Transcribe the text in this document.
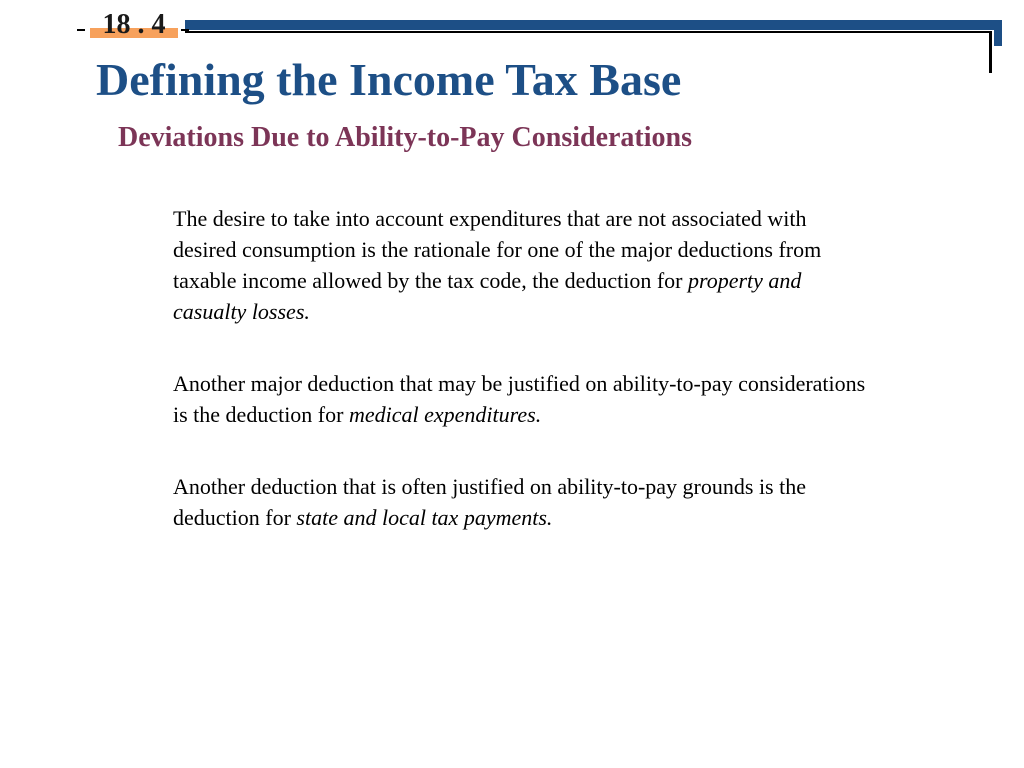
18 . 4
Defining the Income Tax Base
Deviations Due to Ability-to-Pay Considerations

The desire to take into account expenditures that are not associated with desired consumption is the rationale for one of the major deductions from taxable income allowed by the tax code, the deduction for property and casualty losses.

Another major deduction that may be justified on ability-to-pay considerations is the deduction for medical expenditures.

Another deduction that is often justified on ability-to-pay grounds is the deduction for state and local tax payments.
